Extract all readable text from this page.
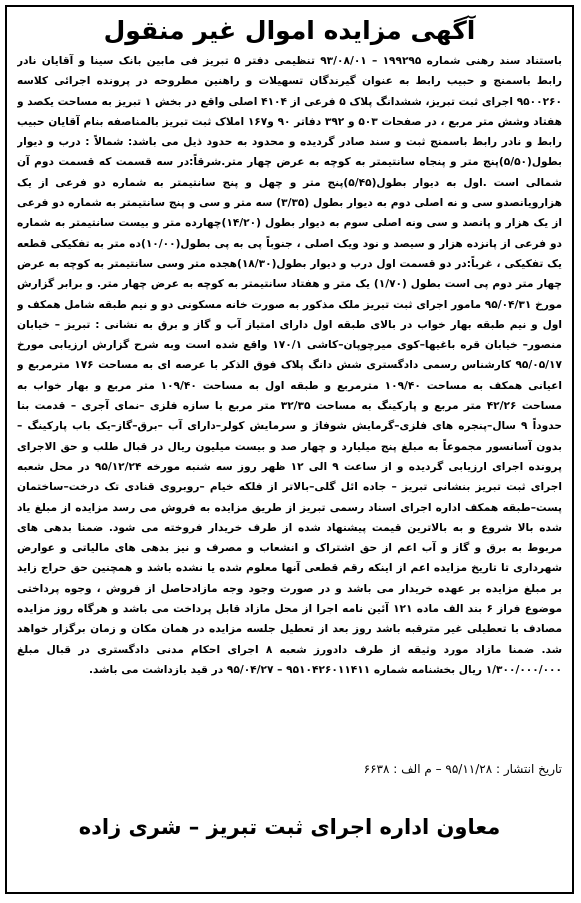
آگهی مزایده اموال غیر منقول

باستناد سند رهنی شماره ۱۹۹۲۹۵ – ۹۳/۰۸/۰۱ تنظیمی دفتر ۵ تبریز فی مابین بانک سینا و آقایان نادر رابط باسمنج و حبیب رابط به عنوان گیرندگان تسهیلات و راهنین مطروحه در پرونده اجرائی کلاسه ۹۵۰۰۲۶۰ اجرای ثبت تبریز، ششدانگ پلاک ۵ فرعی از ۴۱۰۴ اصلی واقع در بخش ۱ تبریز به مساحت یکصد و هفتاد وشش متر مربع ، در صفحات ۵۰۳ و ۳۹۲ دفاتر ۹۰ و۱۶۷ املاک ثبت تبریز بالمناصفه بنام آقایان حبیب رابط و نادر رابط باسمنج ثبت و سند صادر گردیده و محدود به حدود ذیل می باشد: شمالاً : درب و دیوار بطول(۵/۵۰)پنج متر و پنجاه سانتیمتر به کوچه به عرض چهار متر.شرقاً:در سه قسمت که قسمت دوم آن شمالی است .اول به دیوار بطول(۵/۴۵)پنج متر و چهل و پنج سانتیمتر به شماره دو فرعی از یک هزارویانصدو سی و نه اصلی دوم به دیوار بطول (۳/۳۵) سه متر و سی و پنج سانتیمتر به شماره دو فرعی از یک هزار و پانصد و سی ونه اصلی سوم به دیوار بطول (۱۴/۲۰)چهارده متر و بیست سانتیمتر به شماره دو فرعی از پانزده هزار و سیصد و نود ویک اصلی ، جنوباً پی به پی بطول(۱۰/۰۰)ده متر به تفکیکی قطعه یک تفکیکی ، غرباً:در دو قسمت اول درب و دیوار بطول(۱۸/۳۰)هجده متر وسی سانتیمتر به کوچه به عرض چهار متر دوم پی است بطول (۱/۷۰) یک متر و هفتاد سانتیمتر به کوچه به عرض چهار متر. و برابر گزارش مورخ ۹۵/۰۴/۳۱ مامور اجرای ثبت تبریز ملک مذکور به صورت خانه مسکونی دو و نیم طبقه شامل همکف و اول و نیم طبقه بهار خواب در بالای طبقه اول دارای امتیاز آب و گاز و برق به نشانی : تبریز – خیابان منصور– خیابان قره باغیها–کوی میرچوپان–کاشی ۱۷۰/۱ واقع شده است وبه شرح گزارش ارزیابی مورخ ۹۵/۰۵/۱۷ کارشناس رسمی دادگستری شش دانگ پلاک فوق الذکر با عرصه ای به مساحت ۱۷۶ مترمربع و اعیانی همکف به مساحت ۱۰۹/۴۰ مترمربع و طبقه اول به مساحت ۱۰۹/۴۰ متر مربع و بهار خواب به مساحت ۴۲/۲۶ متر مربع و پارکینگ به مساحت ۳۲/۳۵ متر مربع با سازه فلزی –نمای آجری – قدمت بنا حدوداً ۹ سال–پنجره های فلزی–گرمایش شوفاژ و سرمایش کولر–دارای آب –برق–گاز–یک باب پارکینگ – بدون آسانسور مجموعاً به مبلغ پنج میلیارد و چهار صد و بیست میلیون ریال در قبال طلب و حق الاجرای پرونده اجرای ارزیابی گردیده و از ساعت ۹ الی ۱۲ ظهر روز سه شنبه مورخه ۹۵/۱۲/۲۴ در محل شعبه اجرای ثبت تبریز بنشانی تبریز – جاده ائل گلی–بالاتر از فلکه خیام –روبروی قنادی تک درخت–ساختمان پست–طبقه همکف اداره اجرای اسناد رسمی تبریز از طریق مزایده به فروش می رسد مزایده از مبلغ یاد شده بالا شروع و به بالاترین قیمت پیشنهاد شده از طرف خریدار فروخته می شود. ضمنا بدهی های مربوط به برق و گاز و آب اعم از حق اشتراک و انشعاب و مصرف و نیز بدهی های مالیاتی و عوارض شهرداری تا تاریخ مزایده اعم از اینکه رقم قطعی آنها معلوم شده یا نشده باشد و همچنین حق حراج زاید بر مبلغ مزایده بر عهده خریدار می باشد و در صورت وجود وجه مازادحاصل از فروش ، وجوه پرداختی موضوع فراز ۶ بند الف ماده ۱۲۱ آئین نامه اجرا از محل مازاد قابل پرداخت می باشد و هرگاه روز مزایده مصادف با تعطیلی غیر مترقبه باشد روز بعد از تعطیل جلسه مزایده در همان مکان و زمان برگزار خواهد شد. ضمنا مازاد مورد وثیقه از طرف دادورز شعبه ۸ اجرای احکام مدنی دادگستری در قبال مبلغ ۱/۳۰۰/۰۰۰/۰۰۰ ریال بخشنامه شماره ۹۵۱۰۴۲۶۰۱۱۴۱۱ – ۹۵/۰۴/۲۷ در قید بازداشت می باشد.

تاریخ انتشار : ۹۵/۱۱/۲۸ – م الف : ۶۶۳۸
معاون اداره اجرای ثبت تبریز – شری زاده
